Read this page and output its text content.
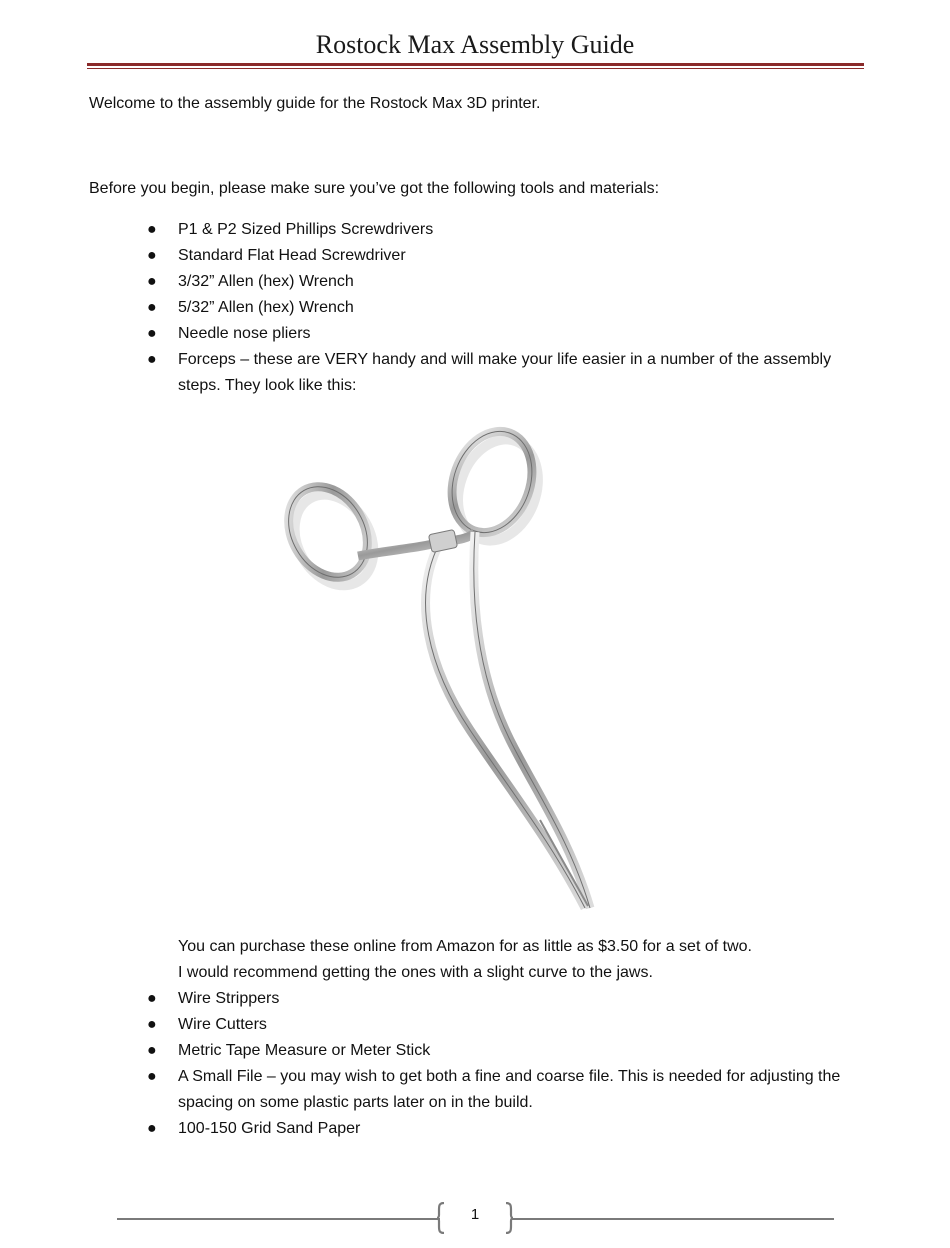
Rostock Max Assembly Guide
Welcome to the assembly guide for the Rostock Max 3D printer.
Before you begin, please make sure you’ve got the following tools and materials:
● P1 & P2 Sized Phillips Screwdrivers
● Standard Flat Head Screwdriver
● 3/32” Allen (hex) Wrench
● 5/32” Allen (hex) Wrench
● Needle nose pliers
● Forceps – these are VERY handy and will make your life easier in a number of the assembly steps. They look like this:
You can purchase these online from Amazon for as little as $3.50 for a set of two.
I would recommend getting the ones with a slight curve to the jaws.
● Wire Strippers
● Wire Cutters
● Metric Tape Measure or Meter Stick
● A Small File – you may wish to get both a fine and coarse file. This is needed for adjusting the spacing on some plastic parts later on in the build.
● 100-150 Grid Sand Paper
1
